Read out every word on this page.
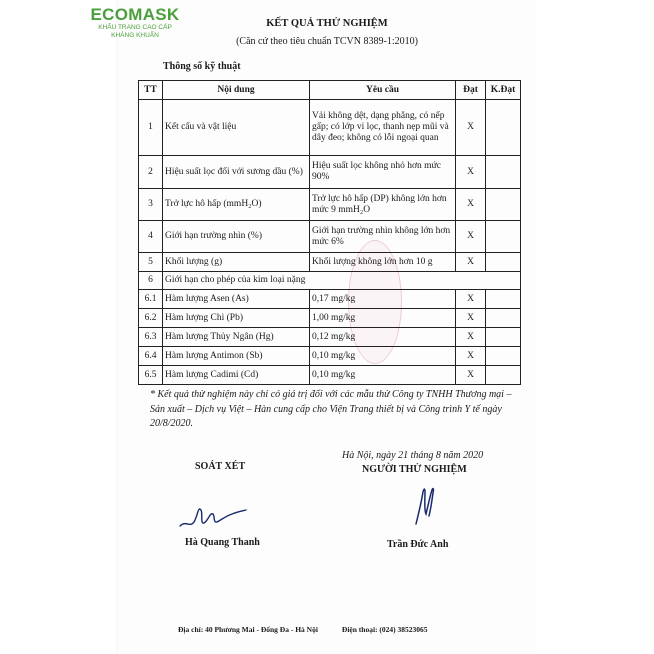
ECOMASK
KHẨU TRANG CAO CẤP
KHÁNG KHUẨN
KẾT QUẢ THỬ NGHIỆM
(Căn cứ theo tiêu chuẩn TCVN 8389-1:2010)
Thông số kỹ thuật
TT	Nội dung	Yêu cầu	Đạt	K.Đạt
1	Kết cấu và vật liệu	Vải không dệt, dạng phẳng, có nếp gấp; có lớp vi lọc, thanh nẹp mũi và dây đeo; không có lỗi ngoại quan	X	
2	Hiệu suất lọc đối với sương dầu (%)	Hiệu suất lọc không nhỏ hơn mức 90%	X	
3	Trở lực hô hấp (mmH₂O)	Trở lực hô hấp (DP) không lớn hơn mức 9 mmH₂O	X	
4	Giới hạn trường nhìn (%)	Giới hạn trường nhìn không lớn hơn mức 6%	X	
5	Khối lượng (g)	Khối lượng không lớn hơn 10 g	X	
6	Giới hạn cho phép của kim loại nặng			
6.1	Hàm lượng Asen (As)	0,17 mg/kg	X	
6.2	Hàm lượng Chì (Pb)	1,00 mg/kg	X	
6.3	Hàm lượng Thủy Ngân (Hg)	0,12 mg/kg	X	
6.4	Hàm lượng Antimon (Sb)	0,10 mg/kg	X	
6.5	Hàm lượng Cadimi (Cd)	0,10 mg/kg	X	
* Kết quả thử nghiệm này chỉ có giá trị đối với các mẫu thử Công ty TNHH Thương mại – Sản xuất – Dịch vụ Việt – Hàn cung cấp cho Viện Trang thiết bị và Công trình Y tế ngày 20/8/2020.
Hà Nội, ngày 21 tháng 8 năm 2020
SOÁT XÉT	NGƯỜI THỬ NGHIỆM
Hà Quang Thanh	Trần Đức Anh
Địa chỉ: 40 Phương Mai - Đống Đa - Hà Nội	Điện thoại: (024) 38523065
